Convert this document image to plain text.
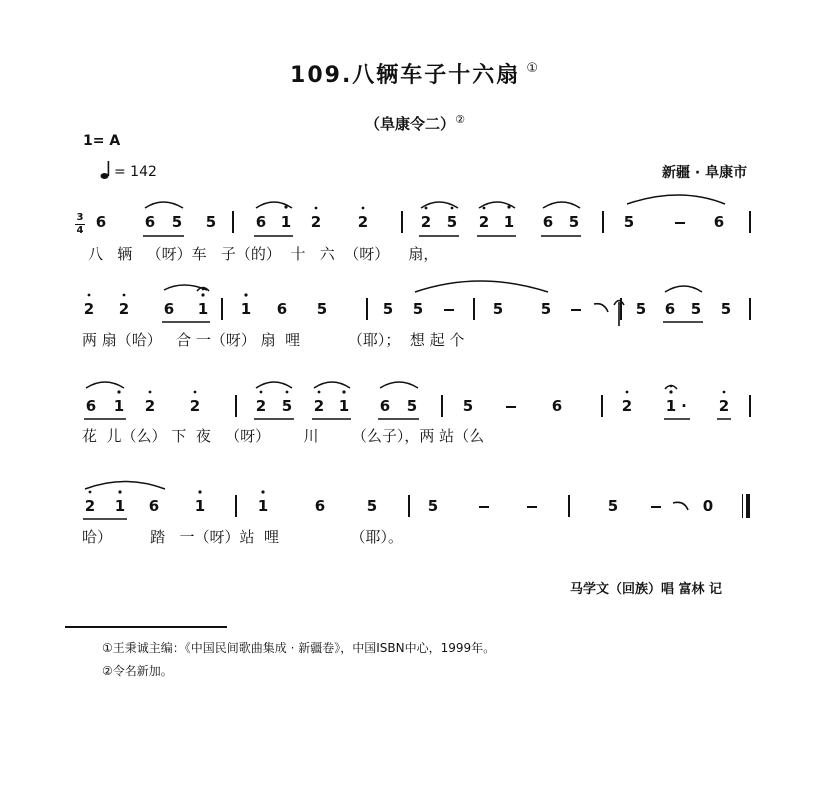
109.八辆车子十六扇 ①
（阜康令二）②
1= A
= 142	新疆 · 阜康市
3
4 6	6 5 5	6 1 2 2	2 5 2 1 6 5	5	6
八   辆   （呀）车   子（的）  十   六  （呀）    扇，
2 2 6 1 1 6 5	5 5	5	5	5 6 5 5
两 扇（哈）   合 一（呀） 扇  哩          （耶）；  想 起 个
6 1 2 2	2 5 2 1 6 5	5	6	2 1 · 2
花  儿（么） 下  夜   （呀）       川       （么子），两 站（么
2 1 6 1	1	6	5	5	5	0
哈）        踏   一（呀）站  哩               （耶）。
马学文（回族）唱 富林 记
①王秉诚主编：《中国民间歌曲集成 · 新疆卷》，中国ISBN中心，1999年。
②令名新加。
